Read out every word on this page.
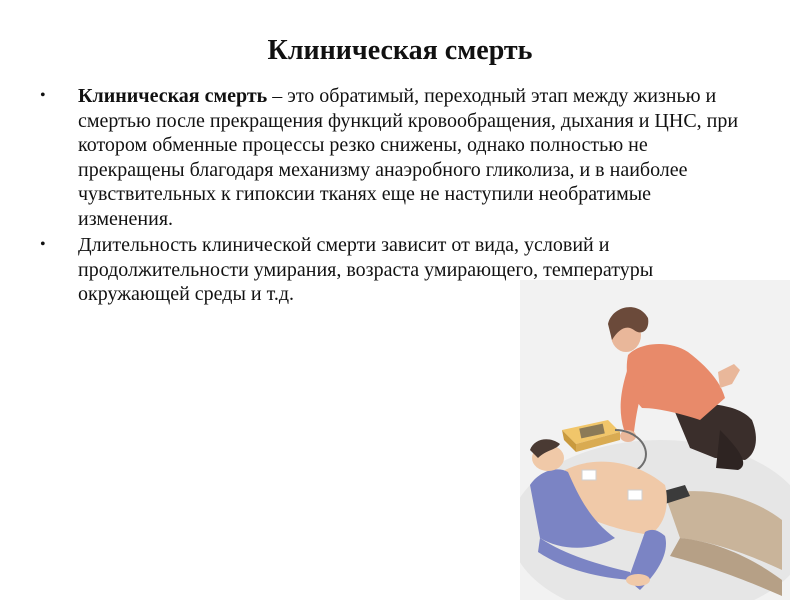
Клиническая смерть
•	Клиническая смерть – это обратимый, переходный этап между жизнью и смертью после прекращения функций кровообращения, дыхания и ЦНС, при котором обменные процессы резко снижены, однако полностью не прекращены благодаря механизму анаэробного гликолиза, и в наиболее чувствительных к гипоксии тканях еще не наступили необратимые изменения.
•	Длительность клинической смерти зависит от вида, условий и продолжительности умирания, возраста умирающего, температуры окружающей среды и т.д.
